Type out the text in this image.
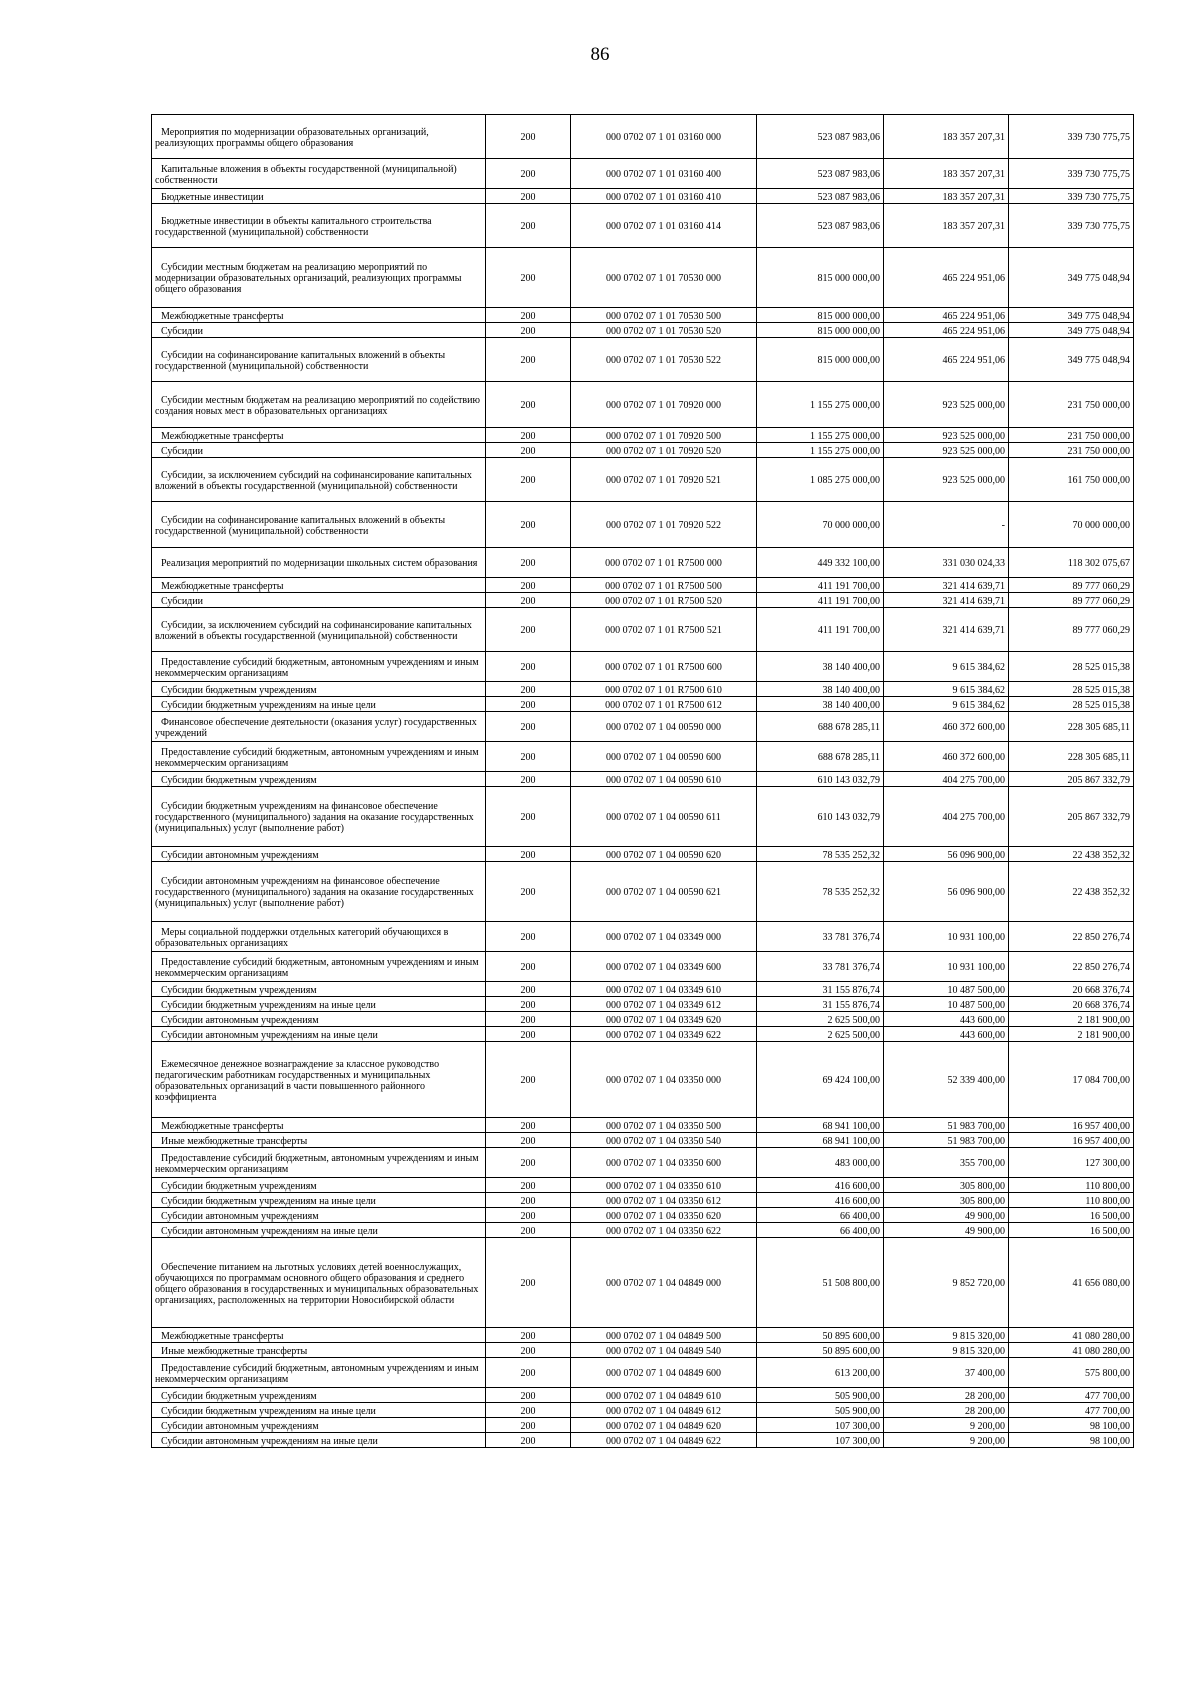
86
Мероприятия по модернизации образовательных организаций, реализующих программы общего образования	200	000 0702 07 1 01 03160 000	523 087 983,06	183 357 207,31	339 730 775,75
Капитальные вложения в объекты государственной (муниципальной) собственности	200	000 0702 07 1 01 03160 400	523 087 983,06	183 357 207,31	339 730 775,75
Бюджетные инвестиции	200	000 0702 07 1 01 03160 410	523 087 983,06	183 357 207,31	339 730 775,75
Бюджетные инвестиции в объекты капитального строительства государственной (муниципальной) собственности	200	000 0702 07 1 01 03160 414	523 087 983,06	183 357 207,31	339 730 775,75
Субсидии местным бюджетам на реализацию мероприятий по модернизации образовательных организаций, реализующих программы общего образования	200	000 0702 07 1 01 70530 000	815 000 000,00	465 224 951,06	349 775 048,94
Межбюджетные трансферты	200	000 0702 07 1 01 70530 500	815 000 000,00	465 224 951,06	349 775 048,94
Субсидии	200	000 0702 07 1 01 70530 520	815 000 000,00	465 224 951,06	349 775 048,94
Субсидии на софинансирование капитальных вложений в объекты государственной (муниципальной) собственности	200	000 0702 07 1 01 70530 522	815 000 000,00	465 224 951,06	349 775 048,94
Субсидии местным бюджетам на реализацию мероприятий по содействию создания новых мест в образовательных организациях	200	000 0702 07 1 01 70920 000	1 155 275 000,00	923 525 000,00	231 750 000,00
Межбюджетные трансферты	200	000 0702 07 1 01 70920 500	1 155 275 000,00	923 525 000,00	231 750 000,00
Субсидии	200	000 0702 07 1 01 70920 520	1 155 275 000,00	923 525 000,00	231 750 000,00
Субсидии, за исключением субсидий на софинансирование капитальных вложений в объекты государственной (муниципальной) собственности	200	000 0702 07 1 01 70920 521	1 085 275 000,00	923 525 000,00	161 750 000,00
Субсидии на софинансирование капитальных вложений в объекты государственной (муниципальной) собственности	200	000 0702 07 1 01 70920 522	70 000 000,00	-	70 000 000,00
Реализация мероприятий по модернизации школьных систем образования	200	000 0702 07 1 01 R7500 000	449 332 100,00	331 030 024,33	118 302 075,67
Межбюджетные трансферты	200	000 0702 07 1 01 R7500 500	411 191 700,00	321 414 639,71	89 777 060,29
Субсидии	200	000 0702 07 1 01 R7500 520	411 191 700,00	321 414 639,71	89 777 060,29
Субсидии, за исключением субсидий на софинансирование капитальных вложений в объекты государственной (муниципальной) собственности	200	000 0702 07 1 01 R7500 521	411 191 700,00	321 414 639,71	89 777 060,29
Предоставление субсидий бюджетным, автономным учреждениям и иным некоммерческим организациям	200	000 0702 07 1 01 R7500 600	38 140 400,00	9 615 384,62	28 525 015,38
Субсидии бюджетным учреждениям	200	000 0702 07 1 01 R7500 610	38 140 400,00	9 615 384,62	28 525 015,38
Субсидии бюджетным учреждениям на иные цели	200	000 0702 07 1 01 R7500 612	38 140 400,00	9 615 384,62	28 525 015,38
Финансовое обеспечение деятельности (оказания услуг) государственных учреждений	200	000 0702 07 1 04 00590 000	688 678 285,11	460 372 600,00	228 305 685,11
Предоставление субсидий бюджетным, автономным учреждениям и иным некоммерческим организациям	200	000 0702 07 1 04 00590 600	688 678 285,11	460 372 600,00	228 305 685,11
Субсидии бюджетным учреждениям	200	000 0702 07 1 04 00590 610	610 143 032,79	404 275 700,00	205 867 332,79
Субсидии бюджетным учреждениям на финансовое обеспечение государственного (муниципального) задания на оказание государственных (муниципальных) услуг (выполнение работ)	200	000 0702 07 1 04 00590 611	610 143 032,79	404 275 700,00	205 867 332,79
Субсидии автономным учреждениям	200	000 0702 07 1 04 00590 620	78 535 252,32	56 096 900,00	22 438 352,32
Субсидии автономным учреждениям на финансовое обеспечение государственного (муниципального) задания на оказание государственных (муниципальных) услуг (выполнение работ)	200	000 0702 07 1 04 00590 621	78 535 252,32	56 096 900,00	22 438 352,32
Меры социальной поддержки отдельных категорий обучающихся в образовательных организациях	200	000 0702 07 1 04 03349 000	33 781 376,74	10 931 100,00	22 850 276,74
Предоставление субсидий бюджетным, автономным учреждениям и иным некоммерческим организациям	200	000 0702 07 1 04 03349 600	33 781 376,74	10 931 100,00	22 850 276,74
Субсидии бюджетным учреждениям	200	000 0702 07 1 04 03349 610	31 155 876,74	10 487 500,00	20 668 376,74
Субсидии бюджетным учреждениям на иные цели	200	000 0702 07 1 04 03349 612	31 155 876,74	10 487 500,00	20 668 376,74
Субсидии автономным учреждениям	200	000 0702 07 1 04 03349 620	2 625 500,00	443 600,00	2 181 900,00
Субсидии автономным учреждениям на иные цели	200	000 0702 07 1 04 03349 622	2 625 500,00	443 600,00	2 181 900,00
Ежемесячное денежное вознаграждение за классное руководство педагогическим работникам государственных и муниципальных образовательных организаций в части повышенного районного коэффициента	200	000 0702 07 1 04 03350 000	69 424 100,00	52 339 400,00	17 084 700,00
Межбюджетные трансферты	200	000 0702 07 1 04 03350 500	68 941 100,00	51 983 700,00	16 957 400,00
Иные межбюджетные трансферты	200	000 0702 07 1 04 03350 540	68 941 100,00	51 983 700,00	16 957 400,00
Предоставление субсидий бюджетным, автономным учреждениям и иным некоммерческим организациям	200	000 0702 07 1 04 03350 600	483 000,00	355 700,00	127 300,00
Субсидии бюджетным учреждениям	200	000 0702 07 1 04 03350 610	416 600,00	305 800,00	110 800,00
Субсидии бюджетным учреждениям на иные цели	200	000 0702 07 1 04 03350 612	416 600,00	305 800,00	110 800,00
Субсидии автономным учреждениям	200	000 0702 07 1 04 03350 620	66 400,00	49 900,00	16 500,00
Субсидии автономным учреждениям на иные цели	200	000 0702 07 1 04 03350 622	66 400,00	49 900,00	16 500,00
Обеспечение питанием на льготных условиях детей военнослужащих, обучающихся по программам основного общего образования и среднего общего образования в государственных и муниципальных образовательных организациях, расположенных на территории Новосибирской области	200	000 0702 07 1 04 04849 000	51 508 800,00	9 852 720,00	41 656 080,00
Межбюджетные трансферты	200	000 0702 07 1 04 04849 500	50 895 600,00	9 815 320,00	41 080 280,00
Иные межбюджетные трансферты	200	000 0702 07 1 04 04849 540	50 895 600,00	9 815 320,00	41 080 280,00
Предоставление субсидий бюджетным, автономным учреждениям и иным некоммерческим организациям	200	000 0702 07 1 04 04849 600	613 200,00	37 400,00	575 800,00
Субсидии бюджетным учреждениям	200	000 0702 07 1 04 04849 610	505 900,00	28 200,00	477 700,00
Субсидии бюджетным учреждениям на иные цели	200	000 0702 07 1 04 04849 612	505 900,00	28 200,00	477 700,00
Субсидии автономным учреждениям	200	000 0702 07 1 04 04849 620	107 300,00	9 200,00	98 100,00
Субсидии автономным учреждениям на иные цели	200	000 0702 07 1 04 04849 622	107 300,00	9 200,00	98 100,00
